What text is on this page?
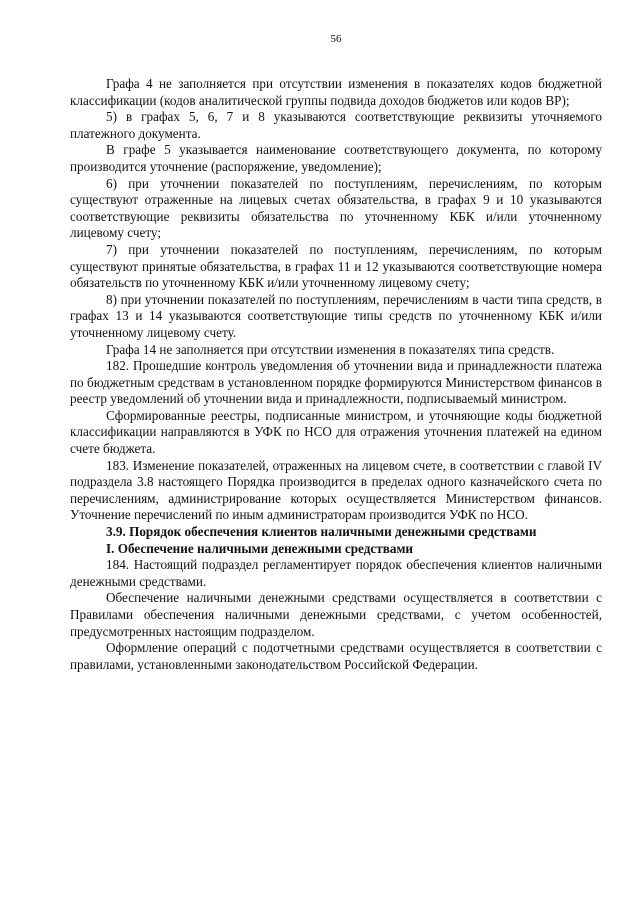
56

Графа 4 не заполняется при отсутствии изменения в показателях кодов бюджетной классификации (кодов аналитической группы подвида доходов бюджетов или кодов ВР);

5) в графах 5, 6, 7 и 8 указываются соответствующие реквизиты уточняемого платежного документа.

В графе 5 указывается наименование соответствующего документа, по которому производится уточнение (распоряжение, уведомление);

6) при уточнении показателей по поступлениям, перечислениям, по которым существуют отраженные на лицевых счетах обязательства, в графах 9 и 10 указываются соответствующие реквизиты обязательства по уточненному КБК и/или уточненному лицевому счету;

7) при уточнении показателей по поступлениям, перечислениям, по которым существуют принятые обязательства, в графах 11 и 12 указываются соответствующие номера обязательств по уточненному КБК и/или уточненному лицевому счету;

8) при уточнении показателей по поступлениям, перечислениям в части типа средств, в графах 13 и 14 указываются соответствующие типы средств по уточненному КБК и/или уточненному лицевому счету.

Графа 14 не заполняется при отсутствии изменения в показателях типа средств.

182. Прошедшие контроль уведомления об уточнении вида и принадлежности платежа по бюджетным средствам в установленном порядке формируются Министерством финансов в реестр уведомлений об уточнении вида и принадлежности, подписываемый министром.

Сформированные реестры, подписанные министром, и уточняющие коды бюджетной классификации направляются в УФК по НСО для отражения уточнения платежей на едином счете бюджета.

183. Изменение показателей, отраженных на лицевом счете, в соответствии с главой IV подраздела 3.8 настоящего Порядка производится в пределах одного казначейского счета по перечислениям, администрирование которых осуществляется Министерством финансов. Уточнение перечислений по иным администраторам производится УФК по НСО.

3.9. Порядок обеспечения клиентов наличными денежными средствами

I. Обеспечение наличными денежными средствами

184. Настоящий подраздел регламентирует порядок обеспечения клиентов наличными денежными средствами.

Обеспечение наличными денежными средствами осуществляется в соответствии с Правилами обеспечения наличными денежными средствами, с учетом особенностей, предусмотренных настоящим подразделом.

Оформление операций с подотчетными средствами осуществляется в соответствии с правилами, установленными законодательством Российской Федерации.
